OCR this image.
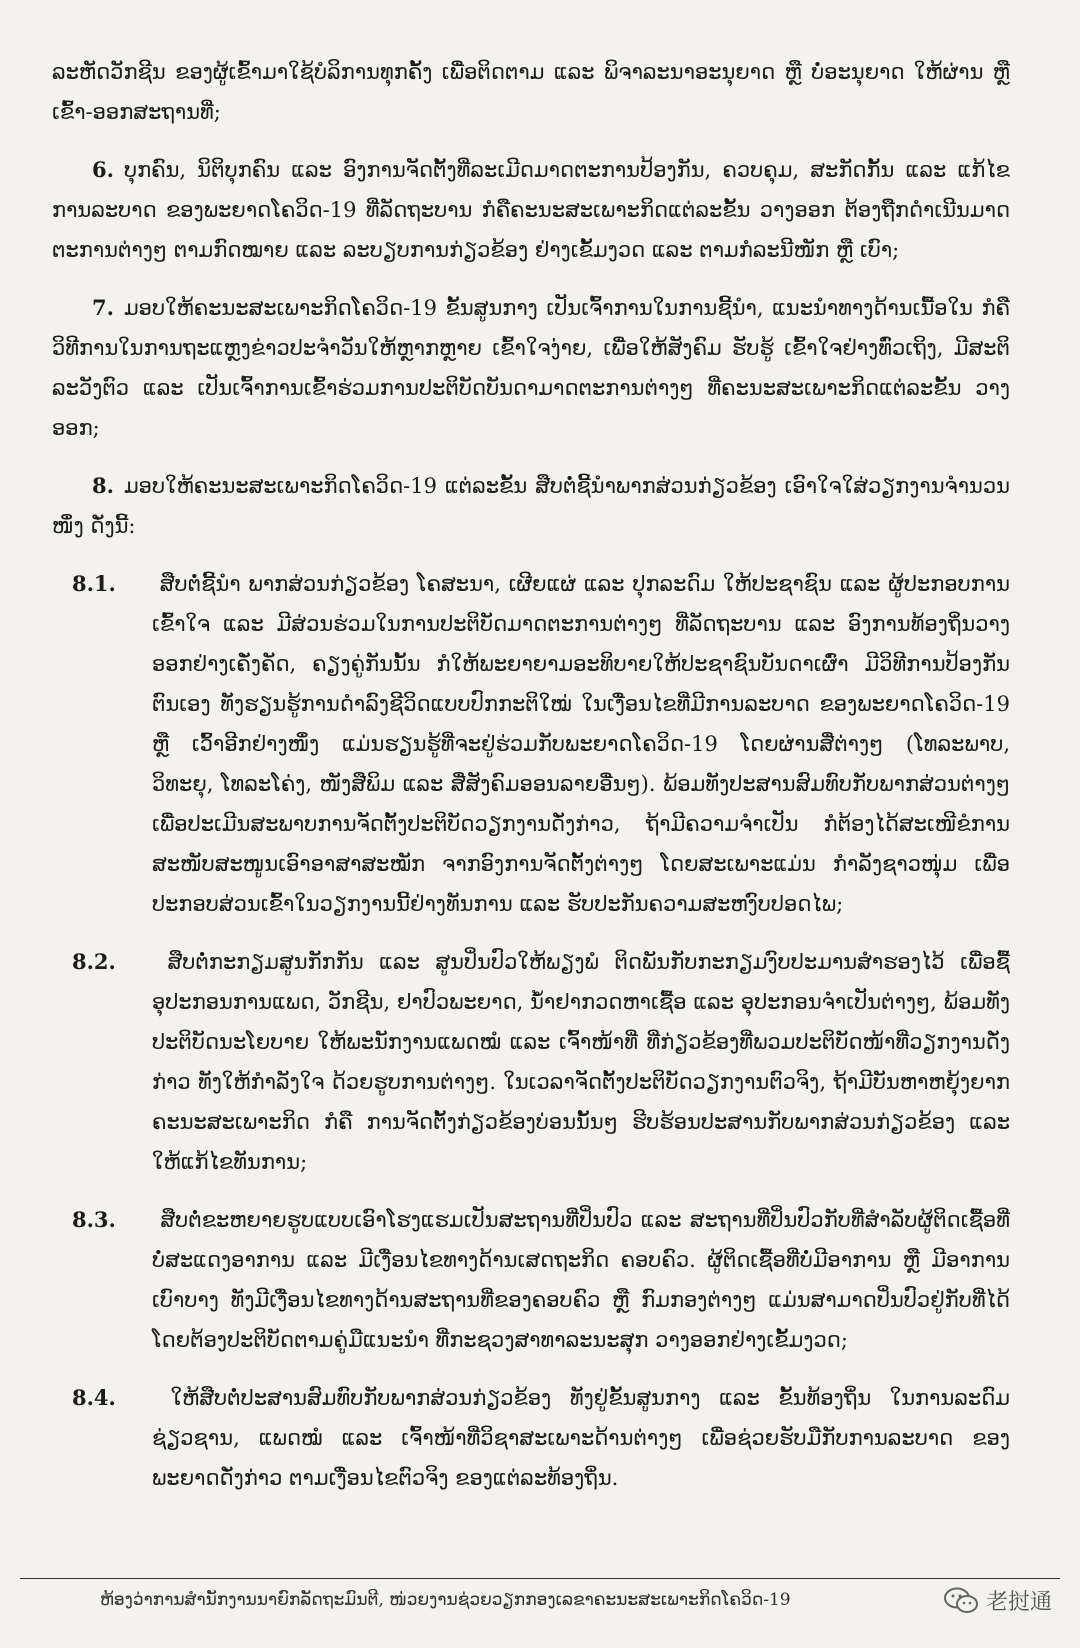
ລະຫັດວັກຊີນ ຂອງຜູ້ເຂົ້າມາໃຊ້ບໍລິການທຸກຄັ້ງ ເພື່ອຕິດຕາມ ແລະ ພິຈາລະນາອະນຸຍາດ ຫຼື ບໍ່ອະນຸຍາດ ໃຫ້ຜ່ານ ຫຼື ເຂົ້າ-ອອກສະຖານທີ່;
6. ບຸກຄົນ, ນິຕິບຸກຄົນ ແລະ ອົງການຈັດຕັ້ງທີ່ລະເມີດມາດຕະການປ້ອງກັນ, ຄວບຄຸມ, ສະກັດກັ້ນ ແລະ ແກ້ໄຂການລະບາດ ຂອງພະຍາດໂຄວິດ-19 ທີ່ລັດຖະບານ ກໍຄືຄະນະສະເພາະກິດແຕ່ລະຂັ້ນ ວາງອອກ ຕ້ອງຖືກດໍາເນີນມາດຕະການຕ່າງໆ ຕາມກົດໝາຍ ແລະ ລະບຽບການກ່ຽວຂ້ອງ ຢ່າງເຂັ້ມງວດ ແລະ ຕາມກໍລະນີໜັກ ຫຼື ເບົາ;
7. ມອບໃຫ້ຄະນະສະເພາະກິດໂຄວິດ-19 ຂັ້ນສູນກາງ ເປັນເຈົ້າການໃນການຊີ້ນໍາ, ແນະນໍາທາງດ້ານເນື້ອໃນ ກໍຄື ວິທີການໃນການຖະແຫຼງຂ່າວປະຈໍາວັນໃຫ້ຫຼາກຫຼາຍ ເຂົ້າໃຈງ່າຍ, ເພື່ອໃຫ້ສັງຄົມ ຮັບຮູ້ ເຂົ້າໃຈຢ່າງທົ່ວເຖິງ, ມີສະຕິລະວັງຕົວ ແລະ ເປັນເຈົ້າການເຂົ້າຮ່ວມການປະຕິບັດບັນດາມາດຕະການຕ່າງໆ ທີ່ຄະນະສະເພາະກິດແຕ່ລະຂັ້ນ ວາງອອກ;
8. ມອບໃຫ້ຄະນະສະເພາະກິດໂຄວິດ-19 ແຕ່ລະຂັ້ນ ສືບຕໍ່ຊີ້ນໍາພາກສ່ວນກ່ຽວຂ້ອງ ເອົາໃຈໃສ່ວຽກງານຈໍານວນໜຶ່ງ ດັ່ງນີ້:
8.1. ສືບຕໍ່ຊີ້ນໍາ ພາກສ່ວນກ່ຽວຂ້ອງ ໂຄສະນາ, ເຜີຍແຜ່ ແລະ ປຸກລະດົມ ໃຫ້ປະຊາຊົນ ແລະ ຜູ້ປະກອບການ ເຂົ້າໃຈ ແລະ ມີສ່ວນຮ່ວມໃນການປະຕິບັດມາດຕະການຕ່າງໆ ທີ່ລັດຖະບານ ແລະ ອົງການທ້ອງຖິ່ນວາງອອກຢ່າງເຄັ່ງຄັດ, ຄຽງຄູ່ກັນນັ້ນ ກໍໃຫ້ພະຍາຍາມອະທິບາຍໃຫ້ປະຊາຊົນບັນດາເຜົ່າ ມີວິທີການປ້ອງກັນຕົນເອງ ທັງຮຽນຮູ້ການດໍາລົງຊີວິດແບບປົກກະຕິໃໝ່ ໃນເງື່ອນໄຂທີ່ມີການລະບາດ ຂອງພະຍາດໂຄວິດ-19 ຫຼື ເວົ້າອີກຢ່າງໜຶ່ງ ແມ່ນຮຽນຮູ້ທີ່ຈະຢູ່ຮ່ວມກັບພະຍາດໂຄວິດ-19 ໂດຍຜ່ານສື່ຕ່າງໆ (ໂທລະພາບ, ວິທະຍຸ, ໂທລະໂຄ່ງ, ໜັງສືພິມ ແລະ ສື່ສັງຄົມອອນລາຍອື່ນໆ). ພ້ອມທັງປະສານສົມທົບກັບພາກສ່ວນຕ່າງໆ ເພື່ອປະເມີນສະພາບການຈັດຕັ້ງປະຕິບັດວຽກງານດັ່ງກ່າວ, ຖ້າມີຄວາມຈໍາເປັນ ກໍຕ້ອງໄດ້ສະເໜີຂໍການສະໜັບສະໜູນເອົາອາສາສະໝັກ ຈາກອົງການຈັດຕັ້ງຕ່າງໆ ໂດຍສະເພາະແມ່ນ ກໍາລັງຊາວໜຸ່ມ ເພື່ອປະກອບສ່ວນເຂົ້າໃນວຽກງານນີ້ຢ່າງທັນການ ແລະ ຮັບປະກັນຄວາມສະຫງົບປອດໄພ;
8.2. ສືບຕໍ່ກະກຽມສູນກັກກັນ ແລະ ສູນປິ່ນປົວໃຫ້ພຽງພໍ ຕິດພັນກັບກະກຽມງົບປະມານສໍາຮອງໄວ້ ເພື່ອຊື້ອຸປະກອນການແພດ, ວັກຊີນ, ຢາປົວພະຍາດ, ນໍ້າຢາກວດຫາເຊື້ອ ແລະ ອຸປະກອນຈໍາເປັນຕ່າງໆ, ພ້ອມທັງປະຕິບັດນະໂຍບາຍ ໃຫ້ພະນັກງານແພດໝໍ ແລະ ເຈົ້າໜ້າທີ່ ທີ່ກ່ຽວຂ້ອງທີ່ພວມປະຕິບັດໜ້າທີ່ວຽກງານດັ່ງກ່າວ ທັງໃຫ້ກໍາລັງໃຈ ດ້ວຍຮູບການຕ່າງໆ. ໃນເວລາຈັດຕັ້ງປະຕິບັດວຽກງານຕົວຈິງ, ຖ້າມີບັນຫາຫຍຸ້ງຍາກ ຄະນະສະເພາະກິດ ກໍຄື ການຈັດຕັ້ງກ່ຽວຂ້ອງບ່ອນນັ້ນໆ ຮີບຮ້ອນປະສານກັບພາກສ່ວນກ່ຽວຂ້ອງ ແລະ ໃຫ້ແກ້ໄຂທັນການ;
8.3. ສືບຕໍ່ຂະຫຍາຍຮູບແບບເອົາໂຮງແຮມເປັນສະຖານທີ່ປິ່ນປົວ ແລະ ສະຖານທີ່ປິ່ນປົວກັບທີ່ສໍາລັບຜູ້ຕິດເຊື້ອທີ່ບໍ່ສະແດງອາການ ແລະ ມີເງື່ອນໄຂທາງດ້ານເສດຖະກິດ ຄອບຄົວ. ຜູ້ຕິດເຊື້ອທີ່ບໍ່ມີອາການ ຫຼື ມີອາການເບົາບາງ ທັງມີເງື່ອນໄຂທາງດ້ານສະຖານທີ່ຂອງຄອບຄົວ ຫຼື ກົມກອງຕ່າງໆ ແມ່ນສາມາດປິ່ນປົວຢູ່ກັບທີ່ໄດ້ ໂດຍຕ້ອງປະຕິບັດຕາມຄູ່ມືແນະນໍາ ທີ່ກະຊວງສາທາລະນະສຸກ ວາງອອກຢ່າງເຂັ້ມງວດ;
8.4.	ໃຫ້ສືບຕໍ່ປະສານສົມທົບກັບພາກສ່ວນກ່ຽວຂ້ອງ ທັງຢູ່ຂັ້ນສູນກາງ ແລະ ຂັ້ນທ້ອງຖິ່ນ ໃນການລະດົມຊ່ຽວຊານ, ແພດໝໍ ແລະ ເຈົ້າໜ້າທີ່ວິຊາສະເພາະດ້ານຕ່າງໆ ເພື່ອຊ່ວຍຮັບມືກັບການລະບາດ ຂອງພະຍາດດັ່ງກ່າວ ຕາມເງື່ອນໄຂຕົວຈິງ ຂອງແຕ່ລະທ້ອງຖິ່ນ.
ຫ້ອງວ່າການສໍານັກງານນາຍົກລັດຖະມົນຕີ, ໜ່ວຍງານຊ່ວຍວຽກກອງເລຂາຄະນະສະເພາະກິດໂຄວິດ-19	老挝通
